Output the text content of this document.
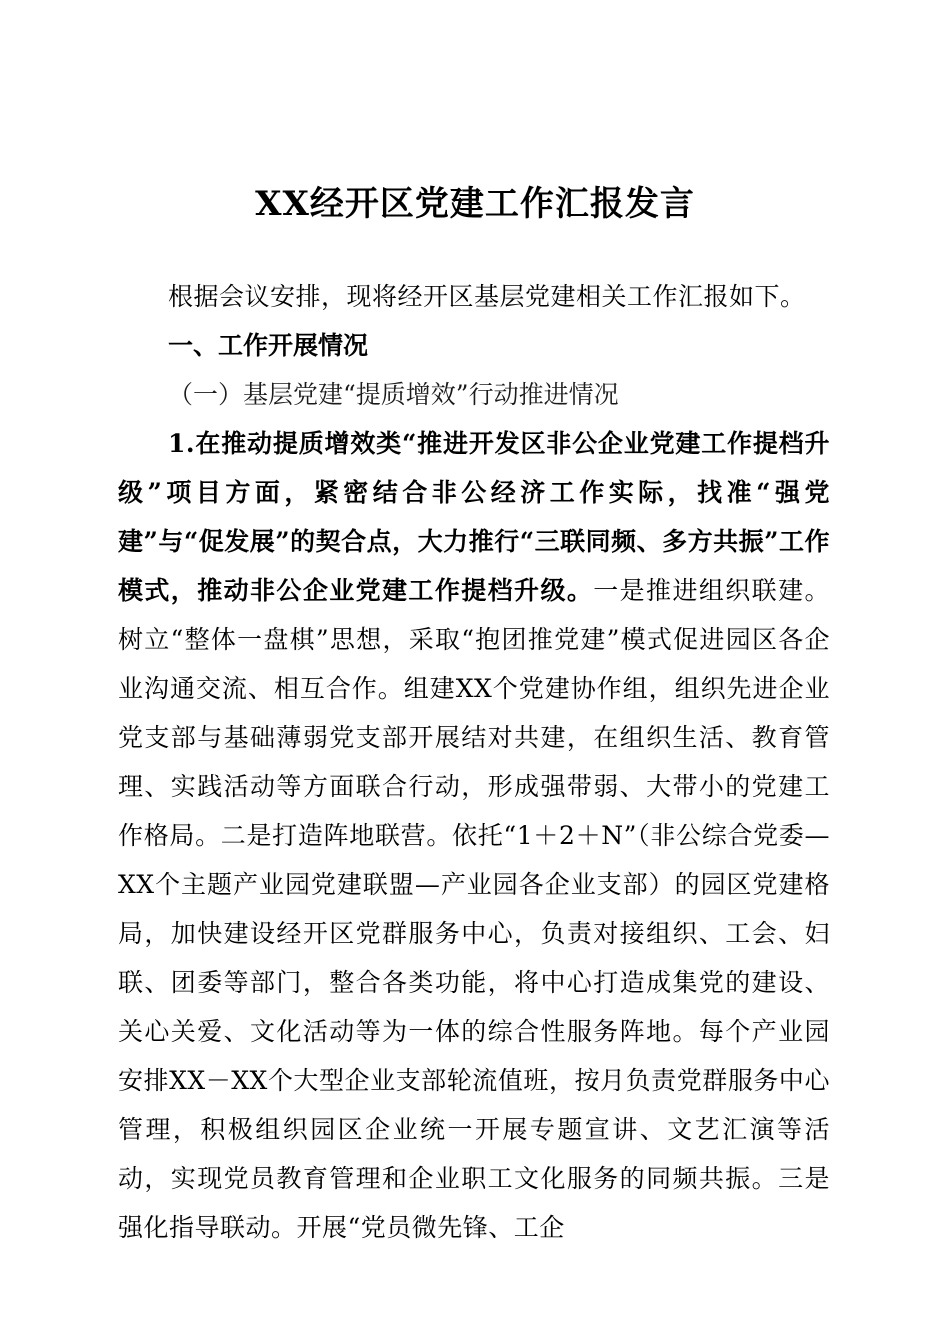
XX经开区党建工作汇报发言

根据会议安排，现将经开区基层党建相关工作汇报如下。

一、工作开展情况

（一）基层党建“提质增效”行动推进情况

1.在推动提质增效类“推进开发区非公企业党建工作提档升级”项目方面，紧密结合非公经济工作实际，找准“强党建”与“促发展”的契合点，大力推行“三联同频、多方共振”工作模式，推动非公企业党建工作提档升级。一是推进组织联建。树立“整体一盘棋”思想，采取“抱团推党建”模式促进园区各企业沟通交流、相互合作。组建XX个党建协作组，组织先进企业党支部与基础薄弱党支部开展结对共建，在组织生活、教育管理、实践活动等方面联合行动，形成强带弱、大带小的党建工作格局。二是打造阵地联营。依托“1＋2＋N”（非公综合党委—XX个主题产业园党建联盟—产业园各企业支部）的园区党建格局，加快建设经开区党群服务中心，负责对接组织、工会、妇联、团委等部门，整合各类功能，将中心打造成集党的建设、关心关爱、文化活动等为一体的综合性服务阵地。每个产业园安排XX－XX个大型企业支部轮流值班，按月负责党群服务中心管理，积极组织园区企业统一开展专题宣讲、文艺汇演等活动，实现党员教育管理和企业职工文化服务的同频共振。三是强化指导联动。开展“党员微先锋、工企
